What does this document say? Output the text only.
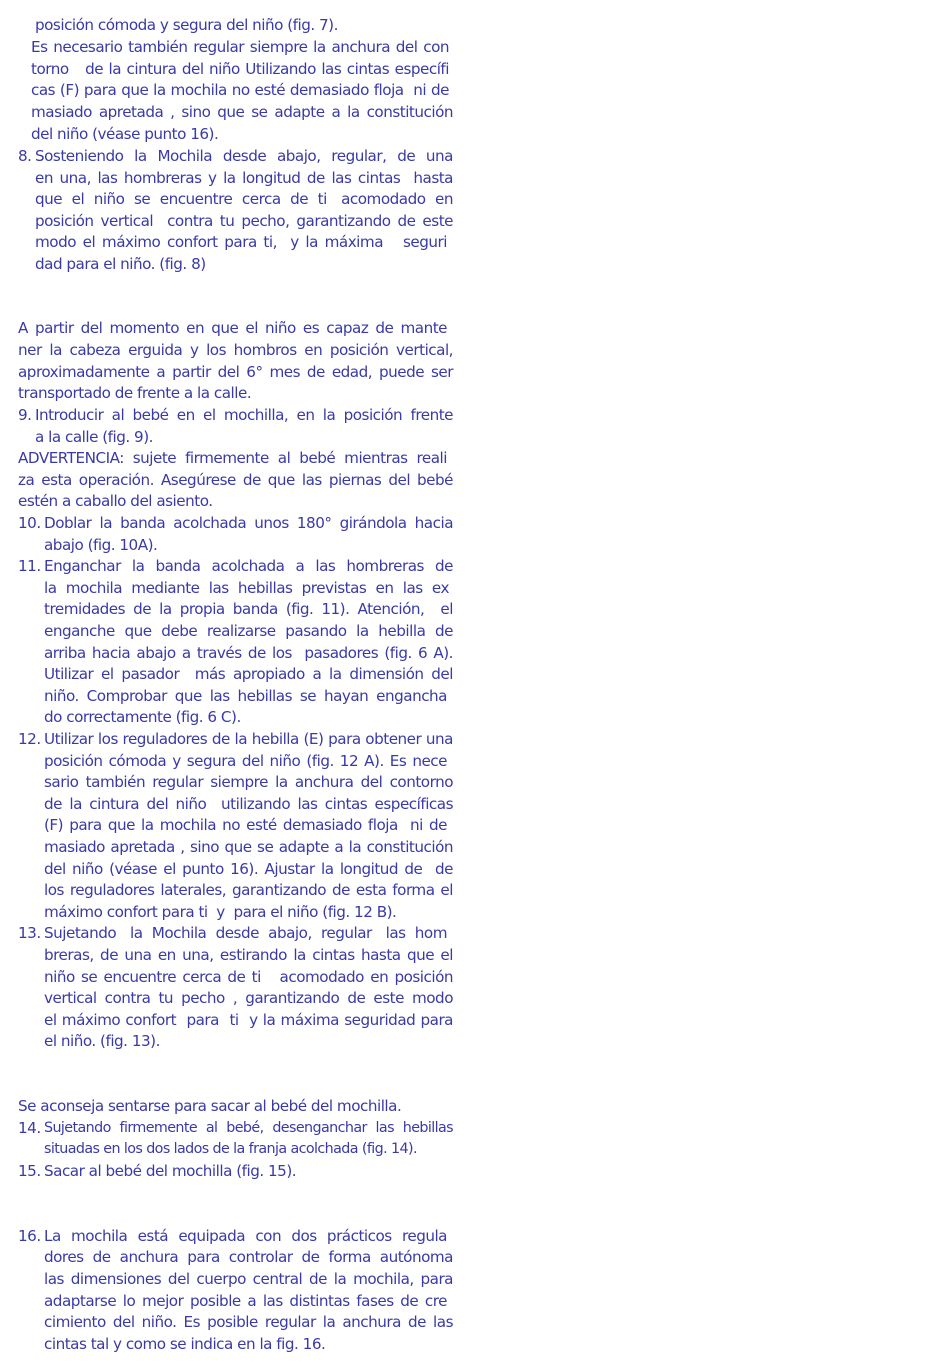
posición cómoda y segura del niño (fig. 7).
Es necesario también regular siempre la anchura del con
torno   de la cintura del niño Utilizando las cintas específi
cas (F) para que la mochila no esté demasiado floja  ni de
masiado apretada , sino que se adapte a la constitución
del niño (véase punto 16).
8. Sosteniendo  la  Mochila  desde  abajo,  regular,  de  una
en una, las hombreras y la longitud de las cintas  hasta
que  el  niño  se  encuentre  cerca  de  ti   acomodado  en
posición vertical  contra tu pecho, garantizando de este
modo el máximo confort para ti,  y la máxima   seguri
dad para el niño. (fig. 8)
A partir del momento en que el niño es capaz de mante
ner la cabeza erguida y los hombros en posición vertical,
aproximadamente a partir del 6° mes de edad, puede ser
transportado de frente a la calle.
9. Introducir al bebé en el mochilla, en la posición frente
a la calle (fig. 9).
ADVERTENCIA: sujete firmemente al bebé mientras reali
za esta operación. Asegúrese de que las piernas del bebé
estén a caballo del asiento.
10. Doblar la banda acolchada unos 180° girándola hacia
abajo (fig. 10A).
11. Enganchar  la  banda  acolchada  a  las  hombreras  de
la  mochila  mediante  las  hebillas  previstas  en  las  ex
tremidades de la propia banda (fig. 11). Atención,  el
enganche que debe realizarse pasando la hebilla de
arriba hacia abajo a través de los  pasadores (fig. 6 A).
Utilizar el pasador  más apropiado a la dimensión del
niño. Comprobar que las hebillas se hayan engancha
do correctamente (fig. 6 C).
12. Utilizar los reguladores de la hebilla (E) para obtener una
posición cómoda y segura del niño (fig. 12 A). Es nece
sario también regular siempre la anchura del contorno
de la cintura del niño  utilizando las cintas específicas
(F) para que la mochila no esté demasiado floja  ni de
masiado apretada , sino que se adapte a la constitución
del niño (véase el punto 16). Ajustar la longitud de  de
los reguladores laterales, garantizando de esta forma el
máximo confort para ti  y  para el niño (fig. 12 B).
13. Sujetando   la  Mochila  desde  abajo,  regular   las  hom
breras, de una en una, estirando la cintas hasta que el
niño se encuentre cerca de ti   acomodado en posición
vertical contra tu pecho , garantizando de este modo
el máximo confort  para  ti  y la máxima seguridad para
el niño. (fig. 13).
Se aconseja sentarse para sacar al bebé del mochilla.
14. Sujetando firmemente al bebé, desenganchar las hebillas
situadas en los dos lados de la franja acolchada (fig. 14).
15. Sacar al bebé del mochilla (fig. 15).
16. La  mochila  está  equipada  con  dos  prácticos  regula
dores de anchura para controlar de forma autónoma
las dimensiones del cuerpo central de la mochila, para
adaptarse lo mejor posible a las distintas fases de cre
cimiento del niño. Es posible regular la anchura de las
cintas tal y como se indica en la fig. 16.
